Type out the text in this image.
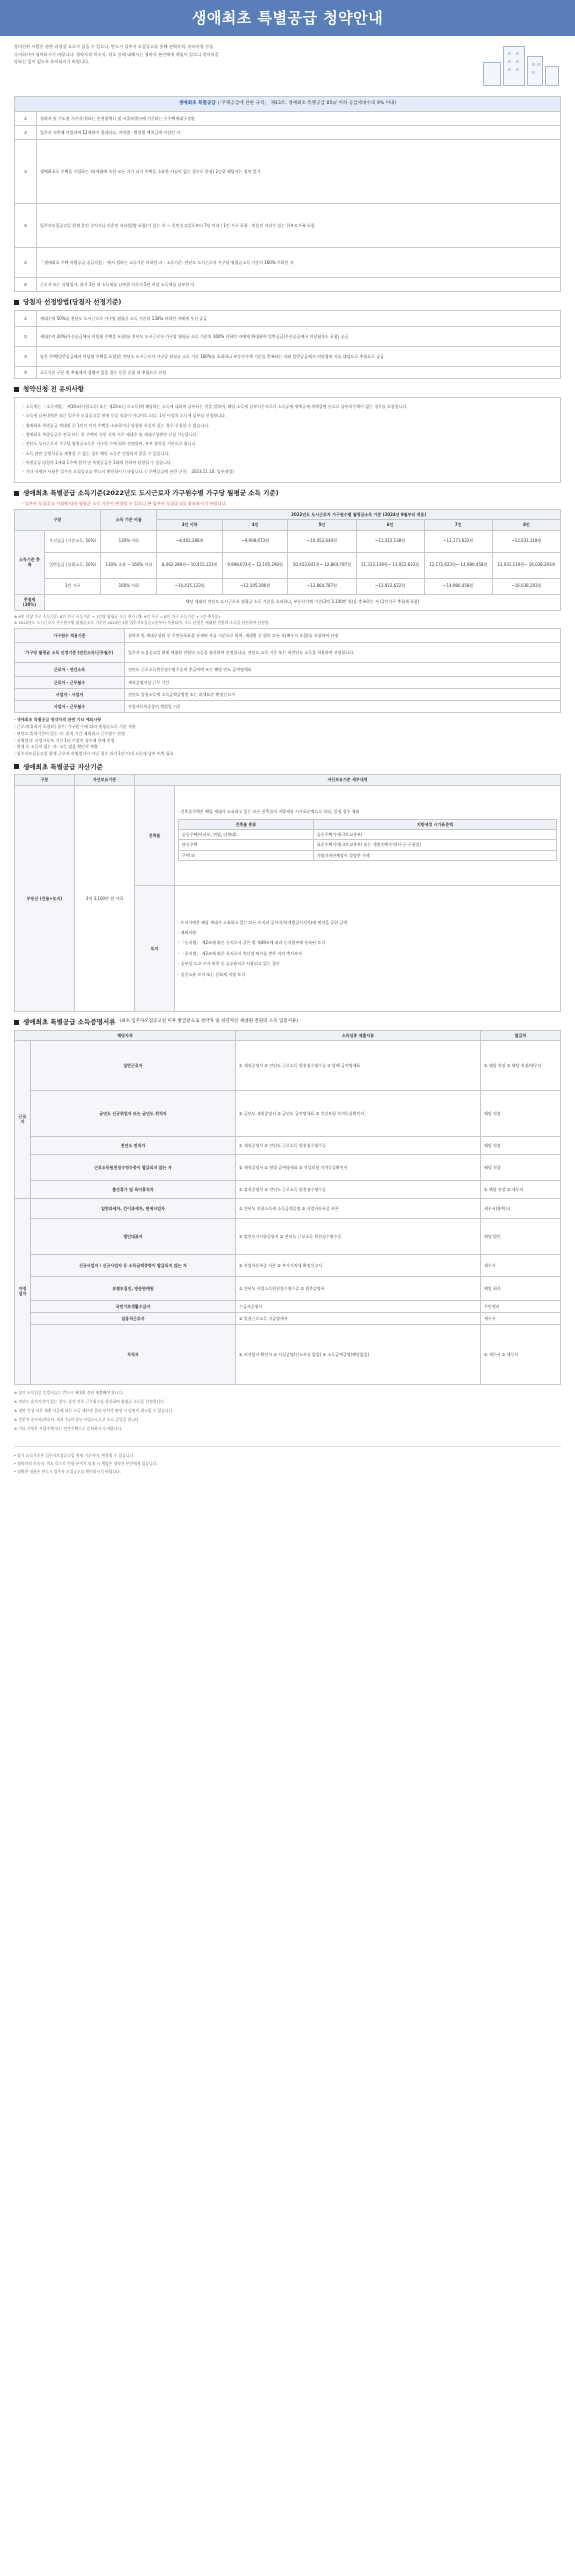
생애최초 특별공급 청약안내

장미안된 사람은 관한 과정설 오로가 있을 수 있으나, 반드시 입주자 모집공고를 통해 권역자격, 유의사항 등을

숙지하시어 청약하시기 바랍니다. 청약자격 미숙지, 착오 등에 대해서는 청약자 본인에게 책임이 있으니 불이익을

당하는 일이 없도록 유의하시기 바랍니다.

생애최초 특별공급 (「주택공급에 관한 규칙」 제43조, 생애최초 특별공급 85㎡ 이하 공급세대수의 9% 이내)	
①	청약자 및 수도권 거주자가(또는 인천광역시 및 서울특별시에 거주하는 무주택세대구성원
②	입주자 저축에 가입하여 12개월이 경과되고, 지역별 · 면적별 예치금액 이상인 자
③	생애최초로 주택을 구입하는 자(세대에 속한 모든 자가 과거 주택을 소유한 사실이 없는 경우로 한정) 2순위 해당자는 청약 불가
④	입주자모집공고일 현재 혼인 중이거나 미혼인 자녀(입양 포함)가 있는 자 — 혼인신고일로부터 7년 이내 / 1인 가구 포함 · 미혼인 자녀가 있는 한부모가족 포함
⑤	「생애최초 주택 특별공급 공급지침」 에서 정하는 소득기준 이하인 자 · 소득기준: 전년도 도시근로자 가구당 월평균소득 기준의 160% 이하인 자
⑥	근로자 또는 자영업자, 과거 1년 내 소득세를 납부한 자로서 5년 이상 소득세를 납부한 자
당첨자 선정방법(당첨자 선정기준)
①	세대수의 50%를 전년도 도시근로자 가구당 월평균 소득 기준의 130% 이하인 자에게 우선 공급
②	세대수의 20%(우선공급에서 미당첨 주택을 포함)를 전년도 도시근로자 가구당 월평균 소득 기준의 160% 이하인 자에게 확대하여 일반공급(우선공급에서 미당첨자도 포함) 공급
③	남은 주택(일반공급에서 미당첨 주택을 포함)은 전년도 도시근로자 가구당 월평균 소득 기준 160%를 초과하나 부동산가액 기준을 충족하는 자와 일반공급에서 미당첨된 자를 대상으로 추첨으로 공급
※	소득기준 구분 및 추첨에서 경쟁이 있을 경우 동일 순위 내 추첨으로 선정
청약신청 전 유의사항

· 소득세는 「소득세법」 제19조(사업소득) 또는 제20조(근로소득)에 해당하는 소득에 대하여 납부하는 것을 말하며, 해당 소득세 납부의무자로서 소득공제·세액공제·세액감면 등으로 납부의무액이 없는 경우를 포함합니다.

· 소득세 납부내역은 최근 입주자 모집공고일 현재 동일 직종이 아니어도 되나, 1년 이상의 소득세 납부를 인정합니다.

· 생애최초 특별공급 세대원 중 1인이 이미 주택을 소유하거나 당첨된 사실이 있는 경우 신청할 수 없습니다.

· 생애최초 특별공급은 전국 또는 본 주택이 속한 지역 거주 세대주 및 세대구성원만 신청 가능합니다.

· 전년도 도시근로자 가구당 월평균소득은 가구원 수에 따라 산정하며, 부부 합산을 기본으로 합니다.

· 소득 관련 증빙서류를 제출할 수 없는 경우 해당 소득은 인정되지 않을 수 있습니다.

· 특별공급 당첨자 1세대 1주택 원칙 및 특별공급은 1회에 한하여 당첨될 수 있습니다.

· 기타 자세한 사항은 입주자 모집공고를 반드시 확인하시기 바랍니다. (「주택공급에 관한 규칙」 2023.11.10. 일부개정)

생애최초 특별공급 소득기준(2022년도 도시근로자 가구원수별 가구당 월평균 소득 기준)
- 입주자 모집공고 시점에 따라 월평균 소득 기준이 변경될 수 있으니 본 입주자 모집공고를 참조하시기 바랍니다.
구분		소득 기준 비율	2022년도 도시근로자 가구원수별 월평균소득 기준 (2024년 9월부터 적용)					
			3인 이하	4인	5인	6인	7인	8인
소득기준 충족	우선공급 (기준소득, 50%)	130% 이하	~8,462,288원	~9,908,673원	~10,452,640원	~11,312,138원	~12,171,622원	~13,031,118원
	일반공급 (상위소득, 20%)	130% 초과 ~ 160% 이하	8,462,289원~ 10,415,123원	9,908,674원~ 12,195,290원	10,452,641원~ 12,864,787원	11,312,139원~ 13,922,622원	12,171,623원~ 14,980,458원	13,031,119원~ 16,038,293원
	1인 가구	160% 이하	~10,415,123원	~12,195,290원	~12,864,787원	~13,922,622원	~14,980,458원	~16,038,293원
추첨제 (30%)	해당 세대의 전년도 도시근로자 월평균 소득 기준을 초과하나, 부동산가액 기준(3억 3,100만 원)을 충족하는 자 (1인가구 추첨제 포함)							

※ 9인 이상 가구 소득기준: 8인 가구 소득기준 + 1인당 월평균 소득 추가 (예: 9인 가구 = 8인 가구 소득기준 + 1인 추가분)

※ 2022년도 도시근로자 가구원수별 월평균소득 기준은 2024년 3월 입주자모집공고분부터 적용되며, 소득 산정은 세대원 전원의 소득을 합산하여 산정함.

가구원수 적용기준	청약자 및 세대구성원 중 주민등록표상 등재된 자를 기준으로 하며, 세대원 중 위의 모든 자(배우자 포함)를 포함하여 산정
가구당 월평균 소득 산정기준 (연간소득/근무월수)	입주자 모집공고일 현재 세대원 전원의 소득을 합산하여 산정합니다. 전년도 소득 기준 또는 직전년도 소득을 적용하여 산정합니다.
근로자 · 연간소득	전년도 근로소득원천징수영수증의 총급여액 또는 해당 연도 급여명세표
근로자 · 근무월수	재직증명서상 근무 기간
사업자 · 사업자	전년도 종합소득세 소득금액증명원 또는 과세표준 확정신고서
사업자 · 근무월수	사업자등록증상의 개업일 기준

· 생애최초 특별공급 청약자격 관련 기타 예외사항

- 근로자(휴직자 포함)의 경우: 가구원 수에 따라 월평균소득 기준 적용

- 전년도 휴직기간이 있는 자: 휴직 기간 제외하고 근무월수 산정

- 자영업자: 사업자등록 기간 1년 이상인 경우에 한해 인정

- 학생 등 소득이 없는 자: 소득 없음 확인서 제출

- 입주자모집공고일 현재 근로자·자영업자가 아닌 경우 과거 1년 이내 소득세 납부 이력 필요

생애최초 특별공급 자산기준
구분	자산보유기준	자산보유기준 세부내역
부동산 (건물+토지)	3억 3,100만 원 이하	건축물	

· 건축물가액은 해당 세대가 소유하고 있는 모든 건축물의 지방세정 시가표준액으로 하되, 일정 경우 제외

건축물 종류	지방세정 시가표준액
공동주택(아파트, 연립, 다세대)	공동주택가격(국토교통부)
단독주택	표준주택가격(국토교통부) 또는 개별주택가격(시·군·구청장)
주택 외	지방자치단체장이 결정한 가액

토지	

· 토지가액은 해당 세대가 소유하고 있는 모든 토지의 공시지가(개별공시지가)에 면적을 곱한 금액

· 제외사항:

- 「농지법」 제2조에 따른 농지로서 같은 법 제49조에 따라 농지원부에 등록된 토지

- 「초지법」 제2조에 따른 초지로서 축산업 허가를 받은 자의 축사부지

- 공부상 도로·구거·하천 등 공공용지로 사용되고 있는 경우

- 종중소유 토지 또는 문화재 지정 토지

생애최초 특별공급 소득증명서류 (최초 입주자모집공고일 이후 발급분으로 청약자 및 성년자인 세대원 전원의 소득 입증서류)
해당자격		소득입증 제출서류	발급처
근로자	일반근로자	① 재직증명서 ② 전년도 근로소득 원천징수영수증 ③ 당해 급여명세표	① 해당 직장 ② 해당 직장/세무서
	금년도 신규취업자 또는 금년도 전직자	① 금년도 재직증명서 ② 금년도 급여명세표 ③ 건강보험 자격득실확인서	해당 직장
	전년도 전직자	① 재직증명서 ② 전년도 근로소득 원천징수영수증	해당 직장
	근로소득원천징수영수증이 발급되지 않는 자	① 재직증명서 ② 월별 급여명세표 ③ 건강보험 자격득실확인서	해당 직장
	출산휴가 및 육아휴직자	① 휴직증명서 ② 전년도 근로소득 원천징수영수증	① 해당 직장 ② 세무서
자영업자	일반과세자, 간이과세자, 면세사업자	① 전년도 종합소득세 소득금액증명 ② 사업자등록증 사본	세무서(홈택스)
	법인대표자	① 법인등기사항증명서 ② 전년도 근로소득 원천징수영수증	해당 법인
	신규사업자 / 신규사업자 등 소득금액증명이 발급되지 않는 자	① 사업자등록증 사본 ② 부가가치세 확정신고서	세무서
	보험모집인, 방문판매원	① 전년도 사업소득원천징수영수증 ② 위촉증명서	해당 회사
	국민기초생활수급자	수급자증명서	주민센터
	일용직근로자	① 일용근로소득 지급명세서	세무서
	무직자	① 비사업자 확인서 ② 사실증명(신고사실 없음) ③ 소득금액증명(해당없음)	① 세무서 ② 세무서

※ 상기 소득입증 증빙서류는 반드시 세대원 전원 제출해야 합니다.

※ 전년도 휴직기간이 있는 경우: 휴직 전후 근무월수를 합산하여 월평균 소득을 산정합니다.

※ 청약 신청 이후 제출 서류에 따른 소득 재산정 결과 부적격 판정 시 당첨이 취소될 수 있습니다.

※ 전문직 종사자(변호사, 의사 등)의 경우 사업소득으로 소득 증빙을 합니다.

※ 기타 사항은 사업주체 또는 견본주택으로 문의하시기 바랍니다.

* 상기 소득기준은 입주자모집공고일 현재 기준이며, 변경될 수 있습니다.

* 청약자격 미숙지, 착오 등으로 인한 부적격 당첨 시 책임은 청약자 본인에게 있습니다.

* 정확한 내용은 반드시 입주자 모집공고를 확인하시기 바랍니다.
